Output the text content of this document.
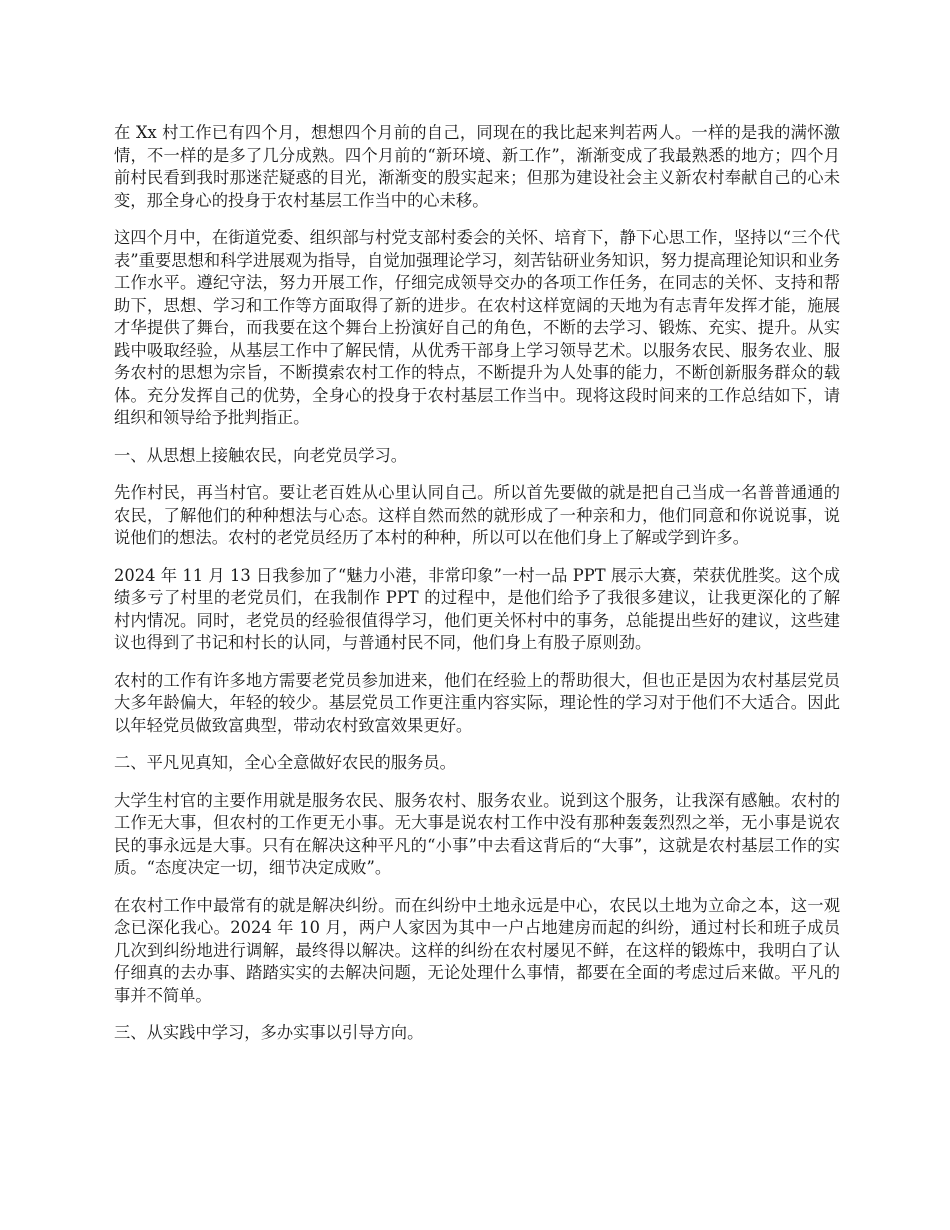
在 Xx 村工作已有四个月，想想四个月前的自己，同现在的我比起来判若两人。一样的是我的满怀激情，不一样的是多了几分成熟。四个月前的“新环境、新工作”，渐渐变成了我最熟悉的地方；四个月前村民看到我时那迷茫疑惑的目光，渐渐变的殷实起来；但那为建设社会主义新农村奉献自己的心未变，那全身心的投身于农村基层工作当中的心未移。

这四个月中，在街道党委、组织部与村党支部村委会的关怀、培育下，静下心思工作，坚持以“三个代表”重要思想和科学进展观为指导，自觉加强理论学习，刻苦钻研业务知识，努力提高理论知识和业务工作水平。遵纪守法，努力开展工作，仔细完成领导交办的各项工作任务，在同志的关怀、支持和帮助下，思想、学习和工作等方面取得了新的进步。在农村这样宽阔的天地为有志青年发挥才能，施展才华提供了舞台，而我要在这个舞台上扮演好自己的角色，不断的去学习、锻炼、充实、提升。从实践中吸取经验，从基层工作中了解民情，从优秀干部身上学习领导艺术。以服务农民、服务农业、服务农村的思想为宗旨，不断摸索农村工作的特点，不断提升为人处事的能力，不断创新服务群众的载体。充分发挥自己的优势，全身心的投身于农村基层工作当中。现将这段时间来的工作总结如下，请组织和领导给予批判指正。

一、从思想上接触农民，向老党员学习。

先作村民，再当村官。要让老百姓从心里认同自己。所以首先要做的就是把自己当成一名普普通通的农民，了解他们的种种想法与心态。这样自然而然的就形成了一种亲和力，他们同意和你说说事，说说他们的想法。农村的老党员经历了本村的种种，所以可以在他们身上了解或学到许多。

2024 年 11 月 13 日我参加了“魅力小港，非常印象”一村一品 PPT 展示大赛，荣获优胜奖。这个成绩多亏了村里的老党员们，在我制作 PPT 的过程中，是他们给予了我很多建议，让我更深化的了解村内情况。同时，老党员的经验很值得学习，他们更关怀村中的事务，总能提出些好的建议，这些建议也得到了书记和村长的认同，与普通村民不同，他们身上有股子原则劲。

农村的工作有许多地方需要老党员参加进来，他们在经验上的帮助很大，但也正是因为农村基层党员大多年龄偏大，年轻的较少。基层党员工作更注重内容实际，理论性的学习对于他们不大适合。因此以年轻党员做致富典型，带动农村致富效果更好。

二、平凡见真知，全心全意做好农民的服务员。

大学生村官的主要作用就是服务农民、服务农村、服务农业。说到这个服务，让我深有感触。农村的工作无大事，但农村的工作更无小事。无大事是说农村工作中没有那种轰轰烈烈之举，无小事是说农民的事永远是大事。只有在解决这种平凡的“小事”中去看这背后的“大事”，这就是农村基层工作的实质。“态度决定一切，细节决定成败”。

在农村工作中最常有的就是解决纠纷。而在纠纷中土地永远是中心，农民以土地为立命之本，这一观念已深化我心。2024 年 10 月，两户人家因为其中一户占地建房而起的纠纷，通过村长和班子成员几次到纠纷地进行调解，最终得以解决。这样的纠纷在农村屡见不鲜，在这样的锻炼中，我明白了认仔细真的去办事、踏踏实实的去解决问题，无论处理什么事情，都要在全面的考虑过后来做。平凡的事并不简单。

三、从实践中学习，多办实事以引导方向。
